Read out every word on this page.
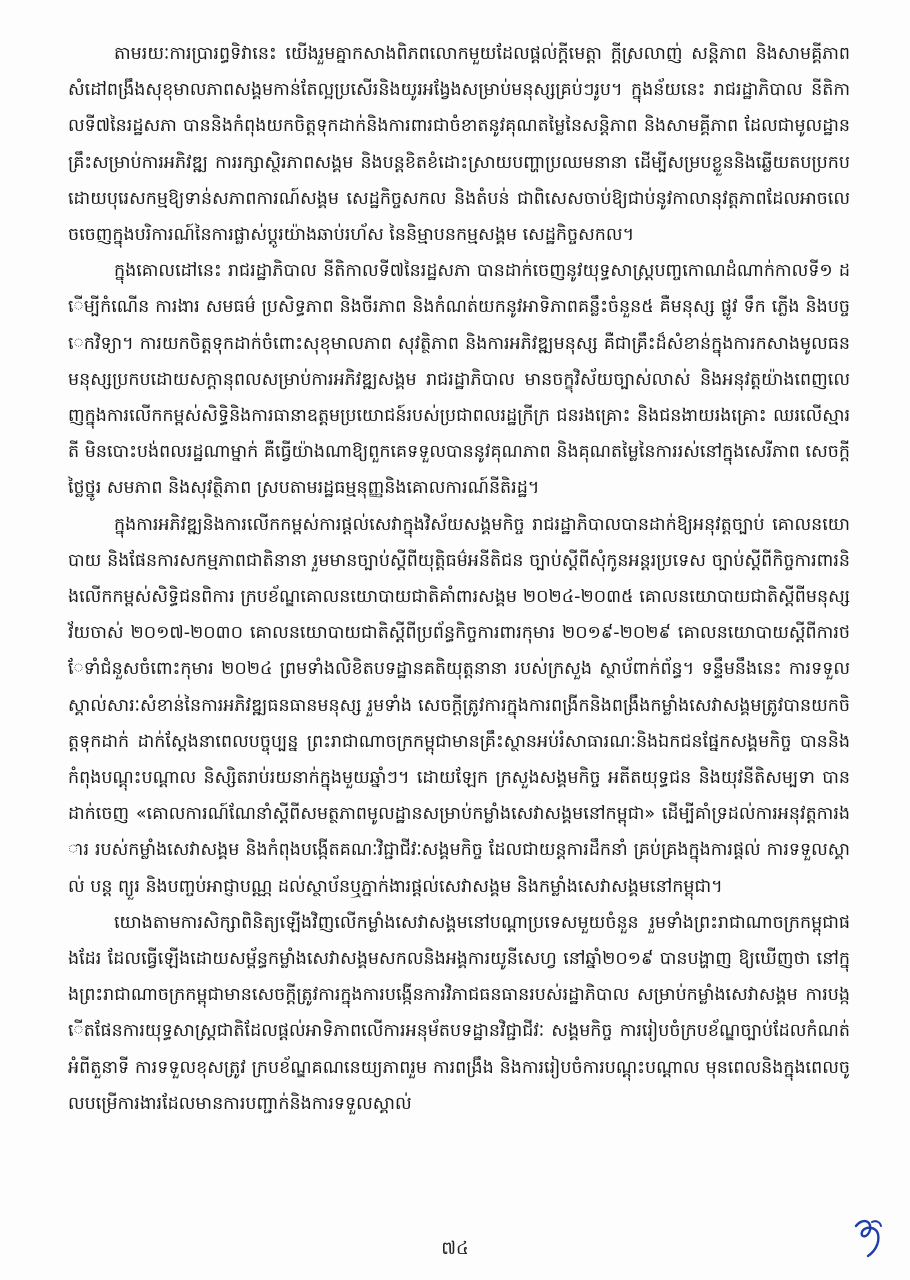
តាមរយៈការប្រារព្ធទិវានេះ យើងរួមគ្នាកសាងពិភពលោកមួយដែលផ្តល់ក្តីមេត្តា ក្តីស្រលាញ់ សន្តិភាព និងសាមគ្គីភាព សំដៅពង្រឹងសុខុមាលភាពសង្គមកាន់តែល្អប្រសើរនិងយូរអង្វែងសម្រាប់មនុស្សគ្រប់ៗរូប។ ក្នុងន័យនេះ រាជរដ្ឋាភិបាល នីតិកាលទី៧នៃរដ្ឋសភា បាននិងកំពុងយកចិត្តទុកដាក់និងការពារជាចំខាតនូវគុណតម្លៃនៃសន្តិភាព និងសាមគ្គីភាព ដែលជាមូលដ្ឋានគ្រឹះសម្រាប់ការអភិវឌ្ឍ ការរក្សាស្ថិរភាពសង្គម និងបន្តខិតខំដោះស្រាយបញ្ហាប្រឈមនានា ដើម្បីសម្របខ្លួននិងឆ្លើយតបប្រកបដោយបុរេសកម្មឱ្យទាន់សភាពការណ៍សង្គម សេដ្ឋកិច្ចសកល និងតំបន់ ជាពិសេសចាប់ឱ្យជាប់នូវកាលានុវត្តភាពដែលអាចលេចចេញក្នុងបរិការណ៍នៃការផ្លាស់ប្តូរយ៉ាងឆាប់រហ័ស នៃនិម្មាបនកម្មសង្គម សេដ្ឋកិច្ចសកល។

ក្នុងគោលដៅនេះ រាជរដ្ឋាភិបាល នីតិកាលទី៧នៃរដ្ឋសភា បានដាក់ចេញនូវយុទ្ធសាស្ត្របញ្ចកោណដំណាក់កាលទី១ ដើម្បីកំណើន ការងារ សមធម៌ ប្រសិទ្ធភាព និងចីរភាព និងកំណត់យកនូវអាទិភាពគន្លឹះចំនួន៥ គឺមនុស្ស ផ្លូវ ទឹក ភ្លើង និងបច្ចេកវិទ្យា។ ការយកចិត្តទុកដាក់ចំពោះសុខុមាលភាព សុវត្ថិភាព និងការអភិវឌ្ឍមនុស្ស គឺជាគ្រឹះដ៏សំខាន់ក្នុងការកសាងមូលធនមនុស្សប្រកបដោយសក្តានុពលសម្រាប់ការអភិវឌ្ឍសង្គម រាជរដ្ឋាភិបាល មានចក្ខុវិស័យច្បាស់លាស់ និងអនុវត្តយ៉ាងពេញលេញក្នុងការលើកកម្ពស់សិទ្ធិនិងការធានាឧត្តមប្រយោជន៍របស់ប្រជាពលរដ្ឋក្រីក្រ ជនរងគ្រោះ និងជនងាយរងគ្រោះ ឈរលើស្មារតី មិនបោះបង់ពលរដ្ឋណាម្នាក់ គឺធ្វើយ៉ាងណាឱ្យពួកគេទទួលបាននូវគុណភាព និងគុណតម្លៃនៃការរស់នៅក្នុងសេរីភាព សេចក្តីថ្លៃថ្នូរ សមភាព និងសុវត្ថិភាព ស្របតាមរដ្ឋធម្មនុញ្ញនិងគោលការណ៍នីតិរដ្ឋ។

ក្នុងការអភិវឌ្ឍនិងការលើកកម្ពស់ការផ្តល់សេវាក្នុងវិស័យសង្គមកិច្ច រាជរដ្ឋាភិបាលបានដាក់ឱ្យអនុវត្តច្បាប់ គោលនយោបាយ និងផែនការសកម្មភាពជាតិនានា រួមមានច្បាប់ស្តីពីយុត្តិធម៌អនីតិជន ច្បាប់ស្តីពីសុំកូនអន្តរប្រទេស ច្បាប់ស្តីពីកិច្ចការពារនិងលើកកម្ពស់សិទ្ធិជនពិការ ក្របខ័ណ្ឌគោលនយោបាយជាតិគាំពារសង្គម ២០២៤-២០៣៥ គោលនយោបាយជាតិស្តីពីមនុស្សវ័យចាស់ ២០១៧-២០៣០ គោលនយោបាយជាតិស្តីពីប្រព័ន្ធកិច្ចការពារកុមារ ២០១៩-២០២៩ គោលនយោបាយស្តីពីការថែទាំជំនួសចំពោះកុមារ ២០២៤ ព្រមទាំងលិខិតបទដ្ឋានគតិយុត្តនានា របស់ក្រសួង ស្ថាប័ពាក់ព័ន្ធ។ ទន្ទឹមនឹងនេះ ការទទួលស្គាល់សារៈសំខាន់នៃការអភិវឌ្ឍធនធានមនុស្ស រួមទាំង សេចក្តីត្រូវការក្នុងការពង្រីកនិងពង្រឹងកម្លាំងសេវាសង្គមត្រូវបានយកចិត្តទុកដាក់ ដាក់ស្តែងនាពេលបច្ចុប្បន្ន ព្រះរាជាណាចក្រកម្ពុជាមានគ្រឹះស្ថានអប់រំសាធារណៈនិងឯកជនផ្នែកសង្គមកិច្ច បាននិងកំពុងបណ្តុះបណ្តាល និស្សិតរាប់រយនាក់ក្នុងមួយឆ្នាំៗ។ ដោយឡែក ក្រសួងសង្គមកិច្ច អតីតយុទ្ធជន និងយុវនីតិសម្បទា បានដាក់ចេញ «គោលការណ៍ណែនាំស្តីពីសមត្ថភាពមូលដ្ឋានសម្រាប់កម្លាំងសេវាសង្គមនៅកម្ពុជា» ដើម្បីគាំទ្រដល់ការអនុវត្តការងារ របស់កម្លាំងសេវាសង្គម និងកំពុងបង្កើតគណៈវិជ្ជាជីវៈសង្គមកិច្ច ដែលជាយន្តការដឹកនាំ គ្រប់គ្រងក្នុងការផ្តល់ ការទទួលស្គាល់ បន្ត ព្យួរ និងបញ្ចប់អាជ្ញាបណ្ណ ដល់ស្ថាប័នឬភ្នាក់ងារផ្តល់សេវាសង្គម និងកម្លាំងសេវាសង្គមនៅកម្ពុជា។

យោងតាមការសិក្សាពិនិត្យឡើងវិញលើកម្លាំងសេវាសង្គមនៅបណ្តាប្រទេសមួយចំនួន រួមទាំងព្រះរាជាណាចក្រកម្ពុជាផងដែរ ដែលធ្វើឡើងដោយសម្ព័ន្ធកម្លាំងសេវាសង្គមសកលនិងអង្គការយូនីសេហ្វ នៅឆ្នាំ២០១៩ បានបង្ហាញ ឱ្យឃើញថា នៅក្នុងព្រះរាជាណាចក្រកម្ពុជាមានសេចក្តីត្រូវការក្នុងការបង្កើនការវិភាជធនធានរបស់រដ្ឋាភិបាល សម្រាប់កម្លាំងសេវាសង្គម ការបង្កើតផែនការយុទ្ធសាស្ត្រជាតិដែលផ្តល់អាទិភាពលើការអនុម័តបទដ្ឋានវិជ្ជាជីវៈ សង្គមកិច្ច ការរៀបចំក្របខ័ណ្ឌច្បាប់ដែលកំណត់អំពីតួនាទី ការទទួលខុសត្រូវ ក្របខ័ណ្ឌគណនេយ្យភាពរួម ការពង្រឹង និងការរៀបចំការបណ្តុះបណ្តាល មុនពេលនិងក្នុងពេលចូលបម្រើការងារដែលមានការបញ្ជាក់និងការទទួលស្គាល់

៧៤
